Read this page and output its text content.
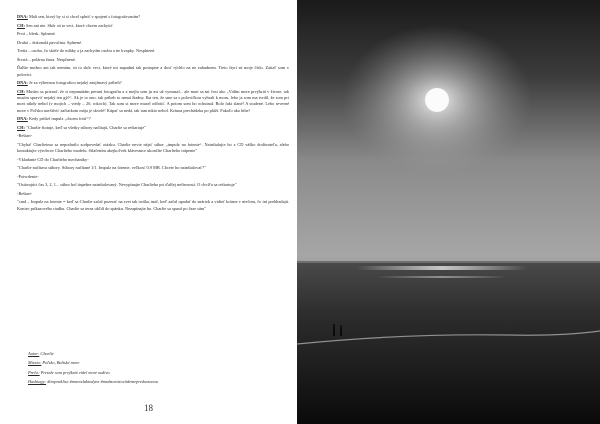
DNA: Mali sen, ktorý by si si chcel splniť v spojení s fotografovaním?

CH: Sen ani nie. Skôr sú to veci, ktoré chcem zachytiť.

Prvá – blesk. Splnené.

Druhá – dokonalá pavučina. Splnené.

Tretia – osoba, čo skáče do mláky a ja zachytím osobu a tie kvapky. Nesplnené.

Štvrtá – polárna žiara. Nesplnené.

Ďalšie možno ani tak nemám, sú to skôr veci, ktoré mi napadnú tak postupne a dosť rýchlo na ne zabudnem. Tieto štyri sú moje číslo. Zatiaľ som v polovici.

DNA: Je za výhernou fotografiou nejaký zaujímavý príbeh?

CH: Musím sa priznať, že si nepamätám presnú fotografiu a z mejlu som ju asi už vymazal... ale mari sa mi čosi ako „Vidím more prvýkrát v živote, tak musím spraviť nejaký ten gýč“. Ak je to ono, tak príbeh to nemá žiadny. Iba ten, že sme sa s polovičkou vybrali k moru, lebo ja som ma tvrdil, že som pri mori nikdy nebol (v mojich – vtedy – 26. rokoch). Tak som si more musel odfotiť. A potom som ho ochutnal. Bolo fakt slané! A studené. Lebo severné more v Poľsku navštíviť začiatkom mája je skvelé! Kúpať sa nedá, tak tam nikto nebol. Krásna prechádzka po pláži. Fakaľo ako bibe!

DNA: Kedy prišiel impulz „chcem fotiť“?

CH: "Charlie štotuje, keď sa všetky súbory načítajú, Charlie sa reštartuje"

-Reštart-

"Chyba! Charlieima sa nepodarilo zodpovedať otázku. Charlie nevie nájsť súbor „impulz na fotenie“. Nainštalujte ho z CD vášho dodávateľa, alebo kontaktujte výrobcov Charlieho modelu. Stlačením akejkoľvek klávesnice ukončíte Charlieho trápenie"

-Vkladanie CD do Charlieho mechaniky-

"Charlie načítava súbory. Súbory načítané 1/1. Impulz na fotenie, veľkosť 0,9 MB. Chcete ho nainštalovať?"

-Potvrdenie-

"Ostávajúci čas 3, 2, 1... súbor bol úspešne nainštalovaný. Nevypínajte Charlieho pri ďalšej nečinnosti. O chvíľu sa reštartuje"

-Reštart-

"cmd – Impulz na fotenie = keď sa Charlie začal pozerať na svet tak trošku inač, keď začal upadať do snáriek a vidieť krásne v niečom, čo iní prehliadajú. Koniec príkazového riadku. Charlie sa teraz ukľdí do spánku. Nezapínajte ho. Charlie sa spustí po čase sám"

Autor: Charlie

Miesto: Poľsko, Baltské more

Prečo: Pretože som prvýkrát videl more naživo.

Hashtagy: #tropneklise #mnevzlaktodyne #mrdzturistoviidemepredsezonou

18
